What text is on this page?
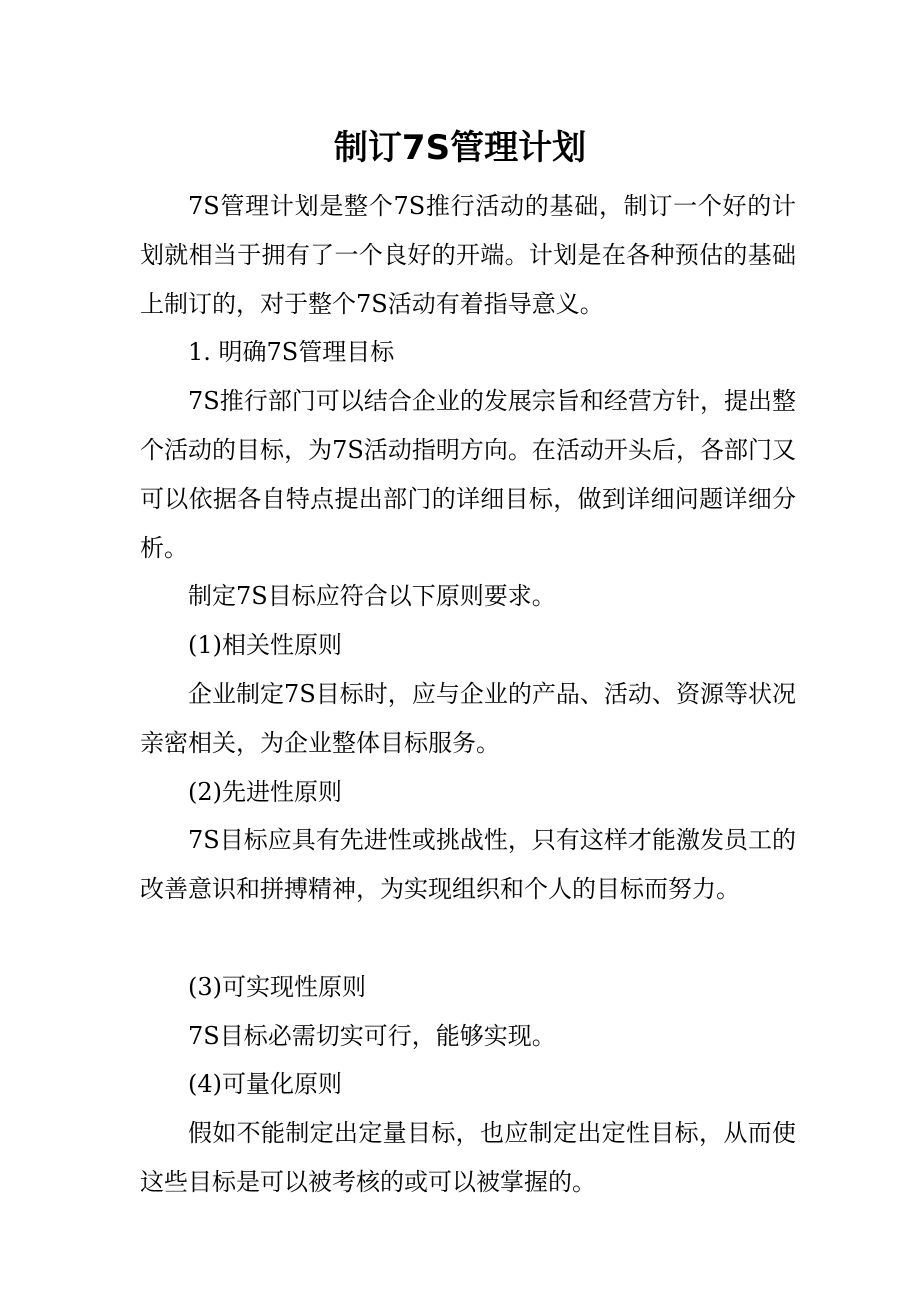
制订7S管理计划

7S管理计划是整个7S推行活动的基础，制订一个好的计划就相当于拥有了一个良好的开端。计划是在各种预估的基础上制订的，对于整个7S活动有着指导意义。

1. 明确7S管理目标

7S推行部门可以结合企业的发展宗旨和经营方针，提出整个活动的目标，为7S活动指明方向。在活动开头后，各部门又可以依据各自特点提出部门的详细目标，做到详细问题详细分析。

制定7S目标应符合以下原则要求。

(1)相关性原则

企业制定7S目标时，应与企业的产品、活动、资源等状况亲密相关，为企业整体目标服务。

(2)先进性原则

7S目标应具有先进性或挑战性，只有这样才能激发员工的改善意识和拼搏精神，为实现组织和个人的目标而努力。

(3)可实现性原则

7S目标必需切实可行，能够实现。

(4)可量化原则

假如不能制定出定量目标，也应制定出定性目标，从而使这些目标是可以被考核的或可以被掌握的。
